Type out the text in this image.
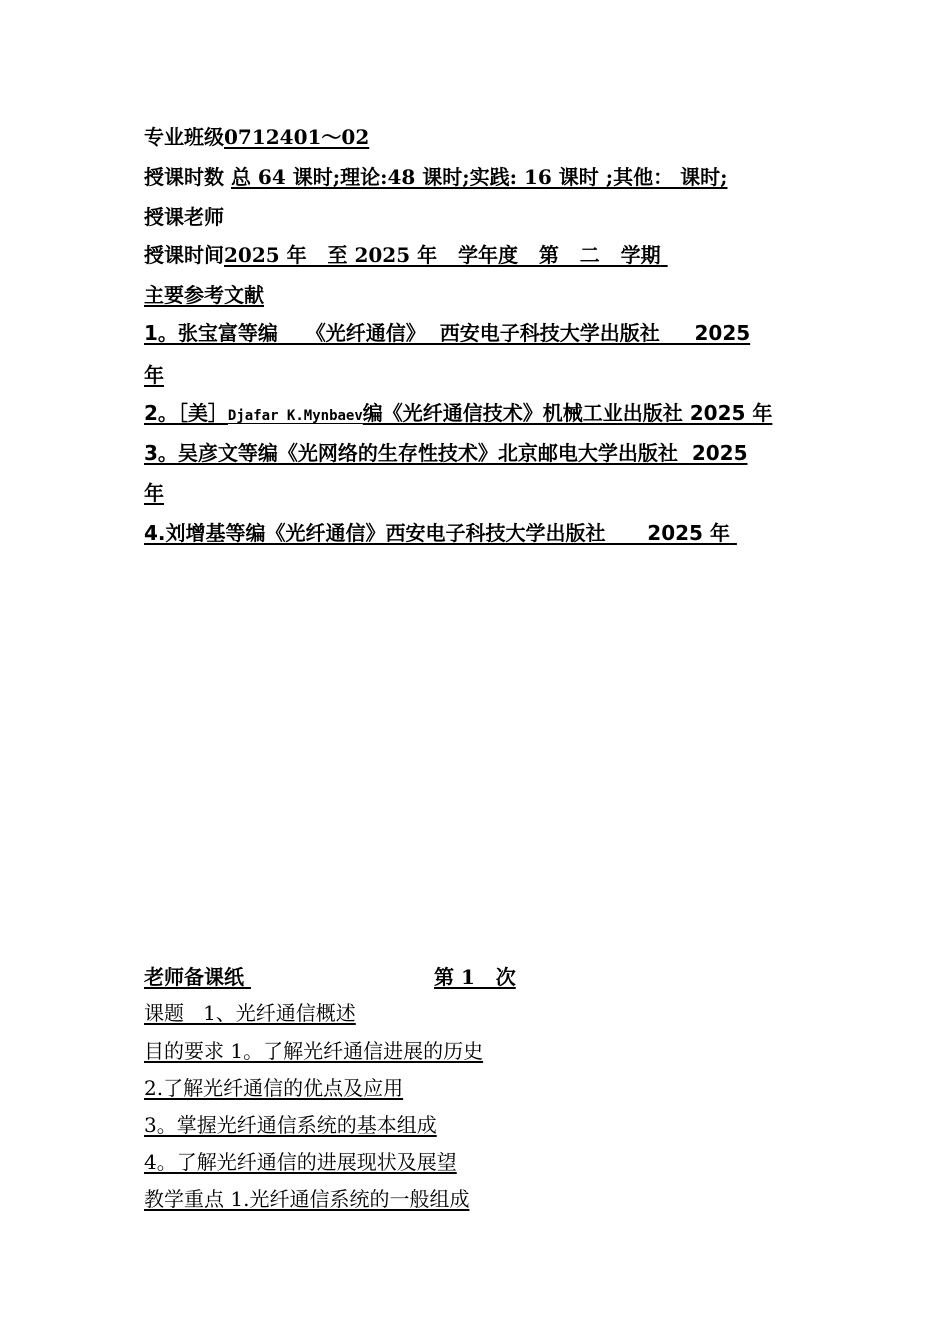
专业班级0712401～02
授课时数 总 64 课时;理论:48 课时;实践: 16 课时 ;其他： 课时;
授课老师
授课时间2025 年   至 2025 年   学年度   第   二   学期
主要参考文献
1。张宝富等编    《光纤通信》  西安电子科技大学出版社     2025
年
2。［美］Djafar K.Mynbaev编《光纤通信技术》机械工业出版社 2025 年
3。吴彦文等编《光网络的生存性技术》北京邮电大学出版社  2025
年
4.刘增基等编《光纤通信》西安电子科技大学出版社      2025 年
老师备课纸	第 1   次
课题   1、光纤通信概述
目的要求 1。了解光纤通信进展的历史
2.了解光纤通信的优点及应用
3。掌握光纤通信系统的基本组成
4。了解光纤通信的进展现状及展望
教学重点 1.光纤通信系统的一般组成
